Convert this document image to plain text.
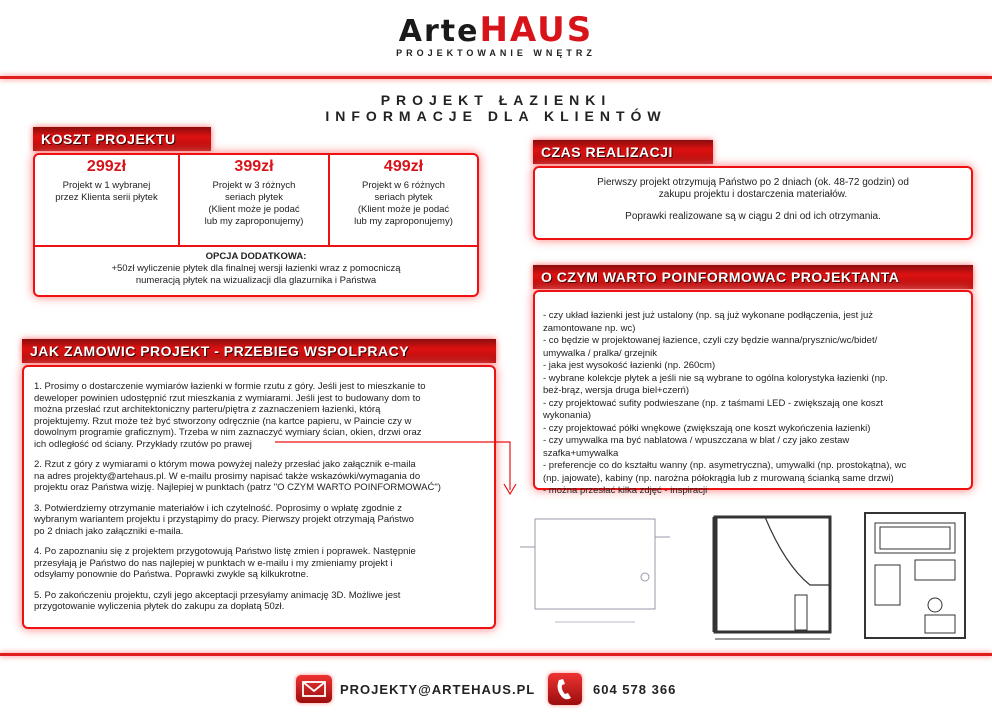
ArteHAUS
PROJEKTOWANIE WNĘTRZ
PROJEKT ŁAZIENKI
INFORMACJE DLA KLIENTÓW
KOSZT PROJEKTU
299zł
Projekt w 1 wybranej
przez Klienta serii płytek
399zł
Projekt w 3 różnych
seriach płytek
(Klient może je podać
lub my zaproponujemy)
499zł
Projekt w 6 różnych
seriach płytek
(Klient może je podać
lub my zaproponujemy)
OPCJA DODATKOWA:
+50zł wyliczenie płytek dla finalnej wersji łazienki wraz z pomocniczą
numeracją płytek na wizualizacji dla glazurnika i Państwa
CZAS REALIZACJI
Pierwszy projekt otrzymują Państwo po 2 dniach (ok. 48-72 godzin) od
zakupu projektu i dostarczenia materiałów.
Poprawki realizowane są w ciągu 2 dni od ich otrzymania.
O CZYM WARTO POINFORMOWAC PROJEKTANTA
- czy układ łazienki jest już ustalony (np. są już wykonane podłączenia, jest już
zamontowane np. wc)
- co będzie w projektowanej łazience, czyli czy będzie wanna/prysznic/wc/bidet/
umywalka / pralka/ grzejnik
- jaka jest wysokość łazienki (np. 260cm)
- wybrane kolekcje płytek a jeśli nie są wybrane to ogólna kolorystyka łazienki (np.
beż-brąz, wersja druga biel+czerń)
- czy projektować sufity podwieszane (np. z taśmami LED - zwiększają one koszt
wykonania)
- czy projektować półki wnękowe (zwiększają one koszt wykończenia łazienki)
- czy umywalka ma być nablatowa / wpuszczana w blat / czy jako zestaw
szafka+umywalka
- preferencje co do kształtu wanny (np. asymetryczna), umywalki (np. prostokątna), wc
(np. jajowate), kabiny (np. narożna półokrągła lub z murowaną ścianką same drzwi)
- można przesłać kilka zdjęć - inspiracji
JAK ZAMOWIC PROJEKT - PRZEBIEG WSPOLPRACY

1. Prosimy o dostarczenie wymiarów łazienki w formie rzutu z góry. Jeśli jest to mieszkanie to
deweloper powinien udostępnić rzut mieszkania z wymiarami. Jeśli jest to budowany dom to
można przesłać rzut architektoniczny parteru/piętra z zaznaczeniem łazienki, którą
projektujemy. Rzut może też być stworzony odręcznie (na kartce papieru, w Paincie czy w
dowolnym programie graficznym). Trzeba w nim zaznaczyć wymiary ścian, okien, drzwi oraz
ich odległość od ściany. Przykłady rzutów po prawej

2. Rzut z góry z wymiarami o którym mowa powyżej należy przesłać jako załącznik e-maila
na adres projekty@artehaus.pl. W e-mailu prosimy napisać także wskazówki/wymagania do
projektu oraz Państwa wizję. Najlepiej w punktach (patrz "O CZYM WARTO POINFORMOWAĆ")

3. Potwierdziemy otrzymanie materiałów i ich czytelność. Poprosimy o wpłatę zgodnie z
wybranym wariantem projektu i przystąpimy do pracy. Pierwszy projekt otrzymają Państwo
po 2 dniach jako załączniki e-maila.

4. Po zapoznaniu się z projektem przygotowują Państwo listę zmien i poprawek. Następnie
przesyłają je Państwo do nas najlepiej w punktach w e-mailu i my zmieniamy projekt i
odsyłamy ponownie do Państwa. Poprawki zwykle są kilkukrotne.

5. Po zakończeniu projektu, czyli jego akceptacji przesyłamy animację 3D. Możliwe jest
przygotowanie wyliczenia płytek do zakupu za dopłatą 50zł.

PROJEKTY@ARTEHAUS.PL	604 578 366
